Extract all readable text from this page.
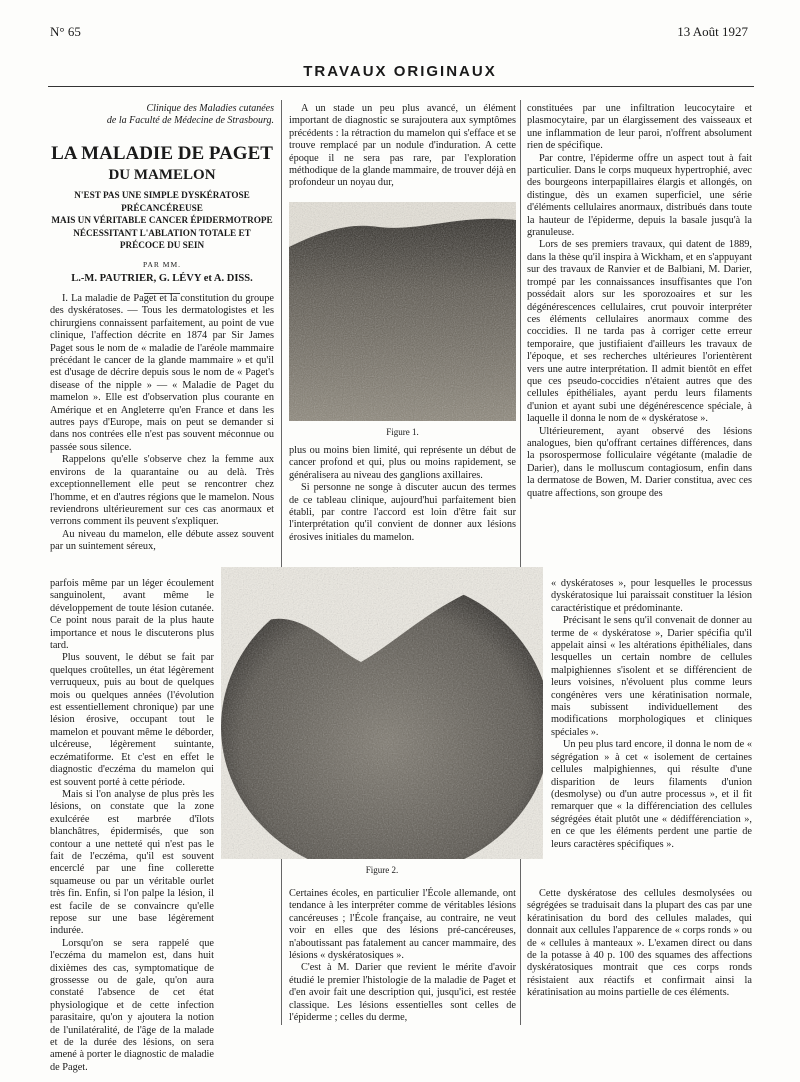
N° 65	13 Août 1927
TRAVAUX ORIGINAUX
Clinique des Maladies cutanées
de la Faculté de Médecine de Strasbourg.
LA MALADIE DE PAGET
DU MAMELON
N'EST PAS UNE SIMPLE DYSKÉRATOSE PRÉCANCÉREUSE
MAIS UN VÉRITABLE CANCER ÉPIDERMOTROPE
NÉCESSITANT L'ABLATION TOTALE ET PRÉCOCE DU SEIN
PAR MM.
L.-M. PAUTRIER, G. LÉVY et A. DISS.

I. La maladie de Paget et la constitution du groupe des dyskératoses. — Tous les dermatologistes et les chirurgiens connaissent parfaitement, au point de vue clinique, l'affection décrite en 1874 par Sir James Paget sous le nom de « maladie de l'aréole mammaire précédant le cancer de la glande mammaire » et qu'il est d'usage de décrire depuis sous le nom de « Paget's disease of the nipple » — « Maladie de Paget du mamelon ». Elle est d'observation plus courante en Amérique et en Angleterre qu'en France et dans les autres pays d'Europe, mais on peut se demander si dans nos contrées elle n'est pas souvent méconnue ou passée sous silence.

Rappelons qu'elle s'observe chez la femme aux environs de la quarantaine ou au delà. Très exceptionnellement elle peut se rencontrer chez l'homme, et en d'autres régions que le mamelon. Nous reviendrons ultérieurement sur ces cas anormaux et verrons comment ils peuvent s'expliquer.

Au niveau du mamelon, elle débute assez souvent par un suintement séreux,

parfois même par un léger écoulement sanguinolent, avant même le développement de toute lésion cutanée. Ce point nous parait de la plus haute importance et nous le discuterons plus tard.

Plus souvent, le début se fait par quelques croûtelles, un état légèrement verruqueux, puis au bout de quelques mois ou quelques années (l'évolution est essentiellement chronique) par une lésion érosive, occupant tout le mamelon et pouvant même le déborder, ulcéreuse, légèrement suintante, eczématiforme. Et c'est en effet le diagnostic d'eczéma du mamelon qui est souvent porté à cette période.

Mais si l'on analyse de plus près les lésions, on constate que la zone exulcérée est marbrée d'îlots blanchâtres, épidermisés, que son contour a une netteté qui n'est pas le fait de l'eczéma, qu'il est souvent encerclé par une fine collerette squameuse ou par un véritable ourlet très fin. Enfin, si l'on palpe la lésion, il est facile de se convaincre qu'elle repose sur une base légèrement indurée.

Lorsqu'on se sera rappelé que l'eczéma du mamelon est, dans huit dixièmes des cas, symptomatique de grossesse ou de gale, qu'on aura constaté l'absence de cet état physiologique et de cette infection parasitaire, qu'on y ajoutera la notion de l'unilatéralité, de l'âge de la malade et de la durée des lésions, on sera amené à porter le diagnostic de maladie de Paget.

A un stade un peu plus avancé, un élément important de diagnostic se surajoutera aux symptômes précédents : la rétraction du mamelon qui s'efface et se trouve remplacé par un nodule d'induration. A cette époque il ne sera pas rare, par l'exploration méthodique de la glande mammaire, de trouver déjà en profondeur un noyau dur,

Figure 1.

plus ou moins bien limité, qui représente un début de cancer profond et qui, plus ou moins rapidement, se généralisera au niveau des ganglions axillaires.

Si personne ne songe à discuter aucun des termes de ce tableau clinique, aujourd'hui parfaitement bien établi, par contre l'accord est loin d'être fait sur l'interprétation qu'il convient de donner aux lésions érosives initiales du mamelon.

Figure 2.

Certaines écoles, en particulier l'École allemande, ont tendance à les interpréter comme de véritables lésions cancéreuses ; l'École française, au contraire, ne veut voir en elles que des lésions pré-cancéreuses, n'aboutissant pas fatalement au cancer mammaire, des lésions « dyskératosiques ».

C'est à M. Darier que revient le mérite d'avoir étudié le premier l'histologie de la maladie de Paget et d'en avoir fait une description qui, jusqu'ici, est restée classique. Les lésions essentielles sont celles de l'épiderme ; celles du derme,

constituées par une infiltration leucocytaire et plasmocytaire, par un élargissement des vaisseaux et une inflammation de leur paroi, n'offrent absolument rien de spécifique.

Par contre, l'épiderme offre un aspect tout à fait particulier. Dans le corps muqueux hypertrophié, avec des bourgeons interpapillaires élargis et allongés, on distingue, dès un examen superficiel, une série d'éléments cellulaires anormaux, distribués dans toute la hauteur de l'épiderme, depuis la basale jusqu'à la granuleuse.

Lors de ses premiers travaux, qui datent de 1889, dans la thèse qu'il inspira à Wickham, et en s'appuyant sur des travaux de Ranvier et de Balbiani, M. Darier, trompé par les connaissances insuffisantes que l'on possédait alors sur les sporozoaires et sur les dégénérescences cellulaires, crut pouvoir interpréter ces éléments cellulaires anormaux comme des coccidies. Il ne tarda pas à corriger cette erreur temporaire, que justifiaient d'ailleurs les travaux de l'époque, et ses recherches ultérieures l'orientèrent vers une autre interprétation. Il admit bientôt en effet que ces pseudo-coccidies n'étaient autres que des cellules épithéliales, ayant perdu leurs filaments d'union et ayant subi une dégénérescence spéciale, à laquelle il donna le nom de « dyskératose ».

Ultérieurement, ayant observé des lésions analogues, bien qu'offrant certaines différences, dans la psorospermose folliculaire végétante (maladie de Darier), dans le molluscum contagiosum, enfin dans la dermatose de Bowen, M. Darier constitua, avec ces quatre affections, son groupe des

« dyskératoses », pour lesquelles le processus dyskératosique lui paraissait constituer la lésion caractéristique et prédominante.

Précisant le sens qu'il convenait de donner au terme de « dyskératose », Darier spécifia qu'il appelait ainsi « les altérations épithéliales, dans lesquelles un certain nombre de cellules malpighiennes s'isolent et se différencient de leurs voisines, n'évoluent plus comme leurs congénères vers une kératinisation normale, mais subissent individuellement des modifications morphologiques et cliniques spéciales ».

Un peu plus tard encore, il donna le nom de « ségrégation » à cet « isolement de certaines cellules malpighiennes, qui résulte d'une disparition de leurs filaments d'union (desmolyse) ou d'un autre processus », et il fit remarquer que « la différenciation des cellules ségrégées était plutôt une « dédifférenciation », en ce que les éléments perdent une partie de leurs caractères spécifiques ».

Cette dyskératose des cellules desmolysées ou ségrégées se traduisait dans la plupart des cas par une kératinisation du bord des cellules malades, qui donnait aux cellules l'apparence de « corps ronds » ou de « cellules à manteaux ». L'examen direct ou dans de la potasse à 40 p. 100 des squames des affections dyskératosiques montrait que ces corps ronds résistaient aux réactifs et confirmait ainsi la kératinisation au moins partielle de ces éléments.
